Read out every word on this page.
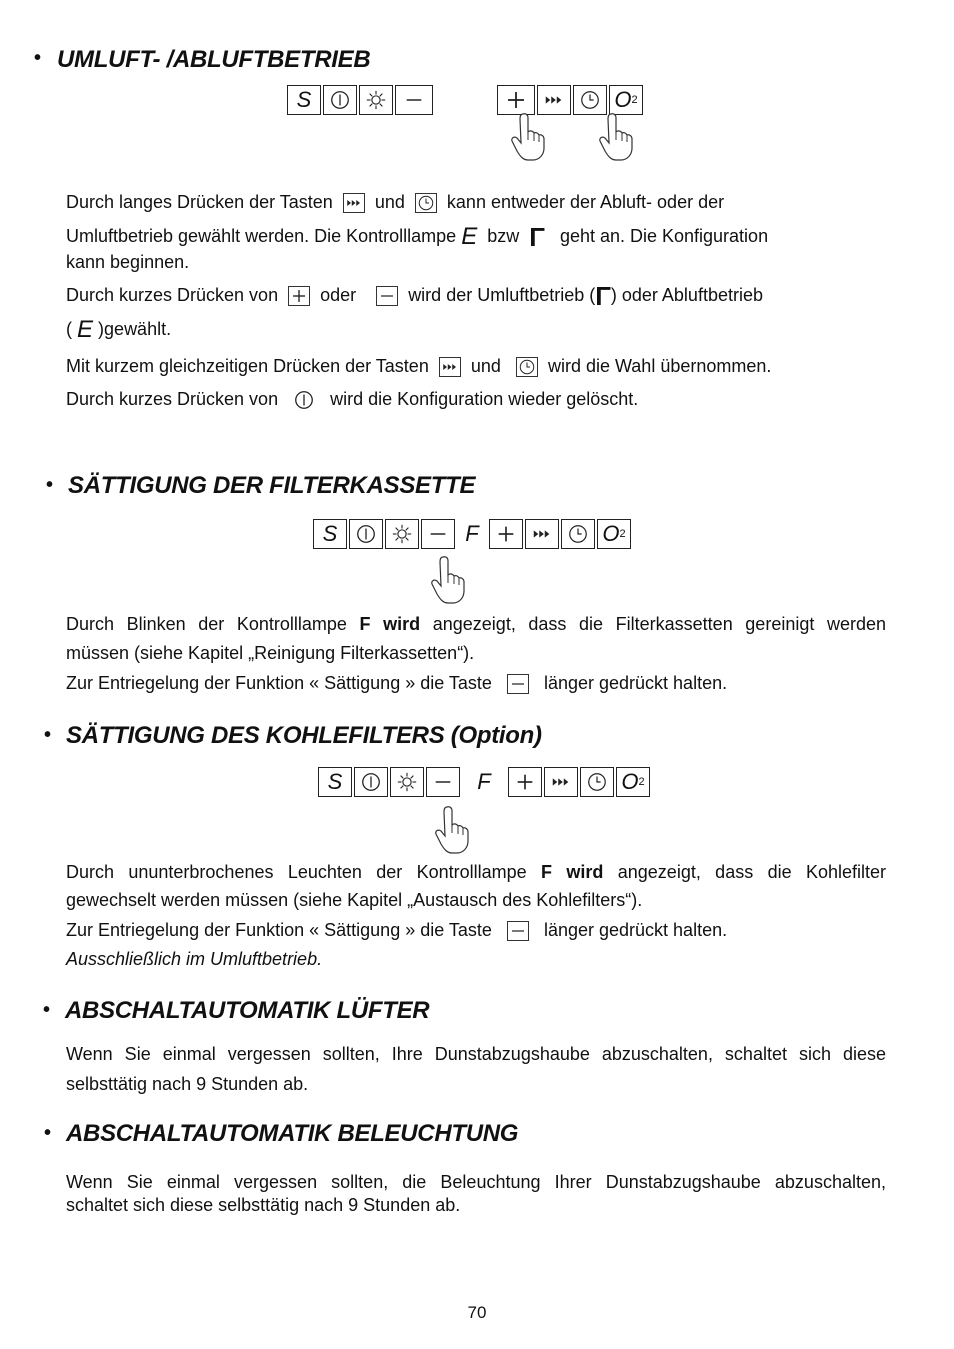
• UMLUFT- /ABLUFTBETRIEB
S	O 2
Durch langes Drücken der Tasten und kann entweder der Abluft- oder der
Umluftbetrieb gewählt werden. Die Kontrolllampe E bzw Γ geht an. Die Konfiguration
kann beginnen.
Durch kurzes Drücken von oder	wird der Umluftbetrieb (Γ) oder Abluftbetrieb
( E )gewählt.
Mit kurzem gleichzeitigen Drücken der Tasten und	wird die Wahl übernommen.
Durch kurzes Drücken von	wird die Konfiguration wieder gelöscht.
• SÄTTIGUNG DER FILTERKASSETTE
S	F	O 2
Durch Blinken der Kontrolllampe F wird angezeigt, dass die Filterkassetten gereinigt werden
müssen (siehe Kapitel „Reinigung Filterkassetten“).
Zur Entriegelung der Funktion « Sättigung » die Taste	länger gedrückt halten.
• SÄTTIGUNG DES KOHLEFILTERS (Option)
S	F	O 2
Durch ununterbrochenes Leuchten der Kontrolllampe F wird angezeigt, dass die Kohlefilter
gewechselt werden müssen (siehe Kapitel „Austausch des Kohlefilters“).
Zur Entriegelung der Funktion « Sättigung » die Taste	länger gedrückt halten.
Ausschließlich im Umluftbetrieb.
• ABSCHALTAUTOMATIK LÜFTER
Wenn Sie einmal vergessen sollten, Ihre Dunstabzugshaube abzuschalten, schaltet sich diese
selbsttätig nach 9 Stunden ab.
• ABSCHALTAUTOMATIK BELEUCHTUNG
Wenn Sie einmal vergessen sollten, die Beleuchtung Ihrer Dunstabzugshaube abzuschalten,
schaltet sich diese selbsttätig nach 9 Stunden ab.
70
